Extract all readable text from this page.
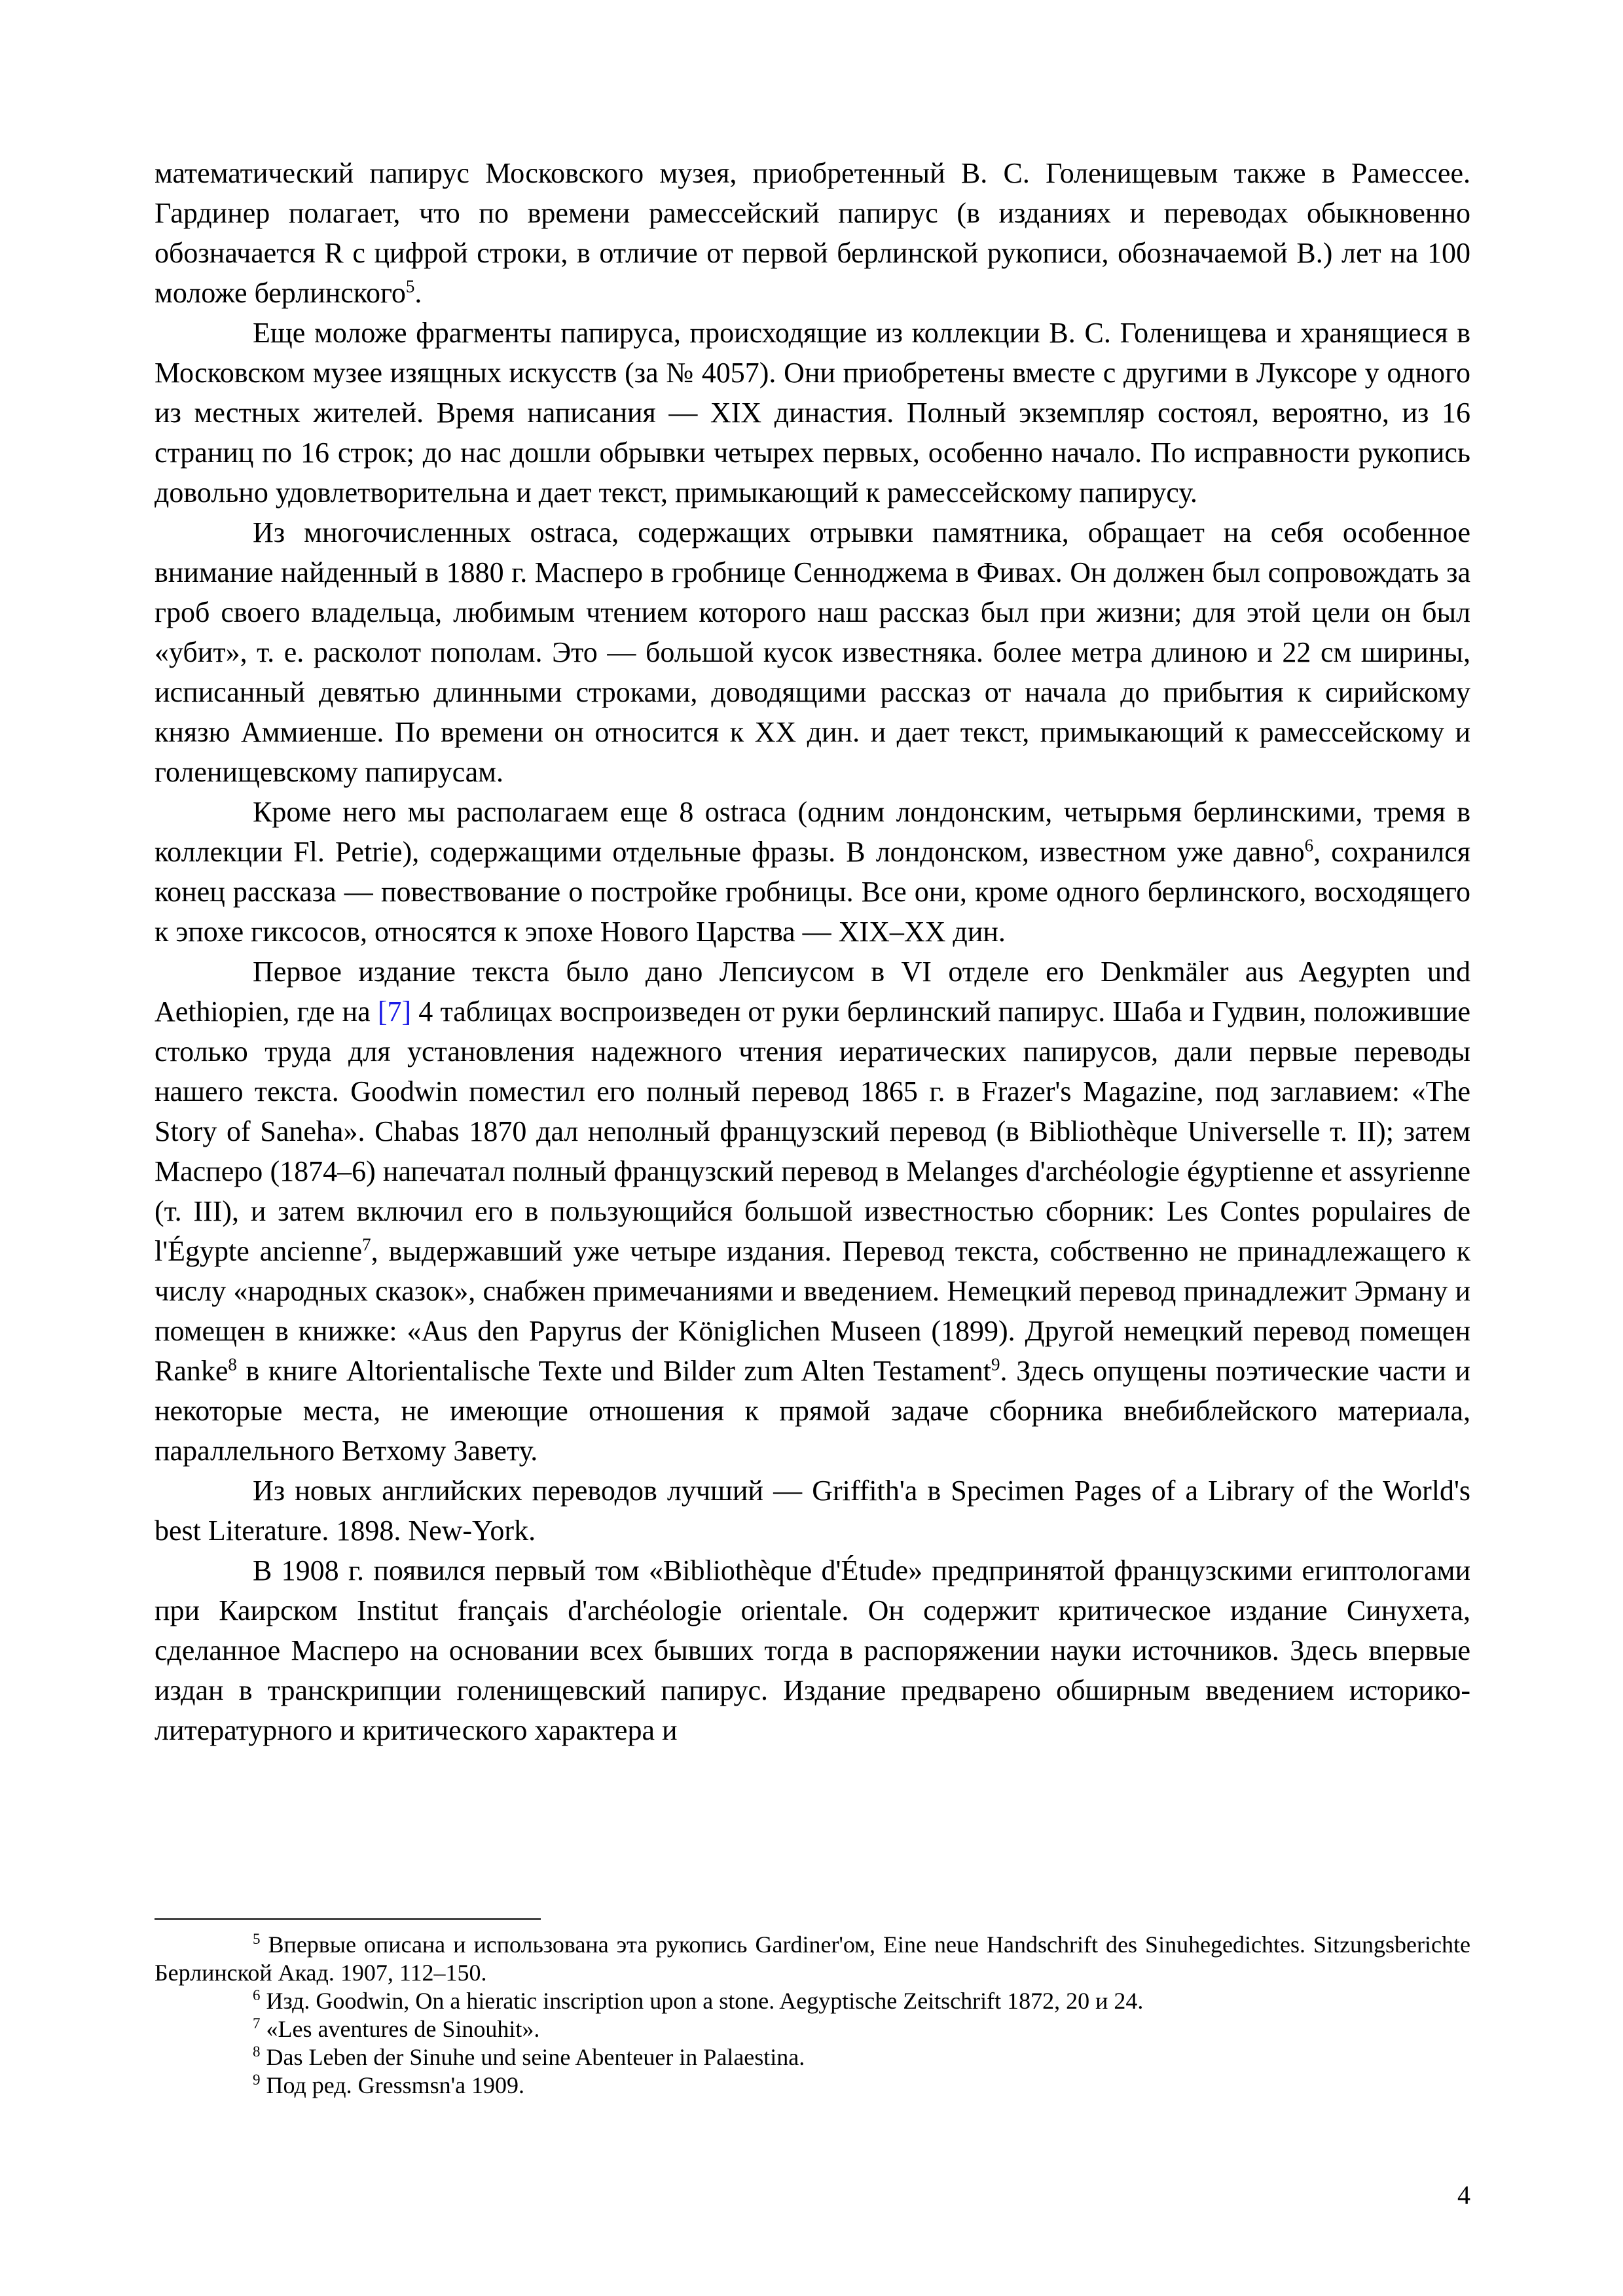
математический папирус Московского музея, приобретенный В. С. Голенищевым также в Рамессее. Гардинер полагает, что по времени рамессейский папирус (в изданиях и переводах обыкновенно обозначается R с цифрой строки, в отличие от первой берлинской рукописи, обозначаемой В.) лет на 100 моложе берлинского$^5$.

Еще моложе фрагменты папируса, происходящие из коллекции В. С. Голенищева и хранящиеся в Московском музее изящных искусств (за № 4057). Они приобретены вместе с другими в Луксоре у одного из местных жителей. Время написания — XIX династия. Полный экземпляр состоял, вероятно, из 16 страниц по 16 строк; до нас дошли обрывки четырех первых, особенно начало. По исправности рукопись довольно удовлетворительна и дает текст, примыкающий к рамессейскому папирусу.

Из многочисленных ostraca, содержащих отрывки памятника, обращает на себя особенное внимание найденный в 1880 г. Масперо в гробнице Сенноджема в Фивах. Он должен был сопровождать за гроб своего владельца, любимым чтением которого наш рассказ был при жизни; для этой цели он был «убит», т. е. расколот пополам. Это — большой кусок известняка. более метра длиною и 22 см ширины, исписанный девятью длинными строками, доводящими рассказ от начала до прибытия к сирийскому князю Аммиенше. По времени он относится к XX дин. и дает текст, примыкающий к рамессейскому и голенищевскому папирусам.

Кроме него мы располагаем еще 8 ostraca (одним лондонским, четырьмя берлинскими, тремя в коллекции Fl. Petrie), содержащими отдельные фразы. В лондонском, известном уже давно$^6$, сохранился конец рассказа — повествование о постройке гробницы. Все они, кроме одного берлинского, восходящего к эпохе гиксосов, относятся к эпохе Нового Царства — XIX–XX дин.

Первое издание текста было дано Лепсиусом в VI отделе его Denkmäler aus Aegypten und Aethiopien, где на [7] 4 таблицах воспроизведен от руки берлинский папирус. Шаба и Гудвин, положившие столько труда для установления надежного чтения иератических папирусов, дали первые переводы нашего текста. Goodwin поместил его полный перевод 1865 г. в Frazer's Magazine, под заглавием: «The Story of Saneha». Chabas 1870 дал неполный французский перевод (в Bibliothèque Universelle т. II); затем Масперо (1874–6) напечатал полный французский перевод в Melanges d'archéologie égyptienne et assyrienne (т. III), и затем включил его в пользующийся большой известностью сборник: Les Contes populaires de l'Égypte ancienne$^7$, выдержавший уже четыре издания. Перевод текста, собственно не принадлежащего к числу «народных сказок», снабжен примечаниями и введением. Немецкий перевод принадлежит Эрману и помещен в книжке: «Aus den Papyrus der Königlichen Museen (1899). Другой немецкий перевод помещен Ranke$^8$ в книге Altorientalische Texte und Bilder zum Alten Testament$^9$. Здесь опущены поэтические части и некоторые места, не имеющие отношения к прямой задаче сборника внебиблейского материала, параллельного Ветхому Завету.

Из новых английских переводов лучший — Griffith'a в Specimen Pages of a Library of the World's best Literature. 1898. New-York.

В 1908 г. появился первый том «Bibliothèque d'Étude» предпринятой французскими египтологами при Каирском Institut français d'archéologie orientale. Он содержит критическое издание Синухета, сделанное Масперо на основании всех бывших тогда в распоряжении науки источников. Здесь впервые издан в транскрипции голенищевский папирус. Издание предварено обширным введением историко-литературного и критического характера и

$^5$ Впервые описана и использована эта рукопись Gardiner'ом, Eine neue Handschrift des Sinuhegedichtes. Sitzungsberichte Берлинской Акад. 1907, 112–150.

$^6$ Изд. Goodwin, On a hieratic inscription upon a stone. Aegyptische Zeitschrift 1872, 20 и 24.

$^7$ «Les aventures de Sinouhit».

$^8$ Das Leben der Sinuhe und seine Abenteuer in Palaestina.

$^9$ Под ред. Gressmsn'a 1909.

4
